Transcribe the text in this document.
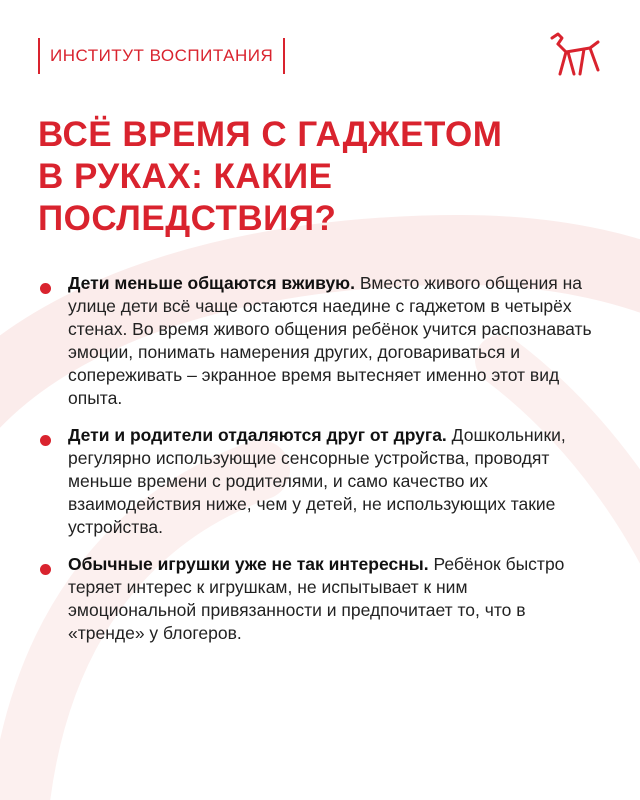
ИНСТИТУТ ВОСПИТАНИЯ
ВСЁ ВРЕМЯ С ГАДЖЕТОМ
В РУКАХ: КАКИЕ
ПОСЛЕДСТВИЯ?
Дети меньше общаются вживую. Вместо живого общения на улице дети всё чаще остаются наедине с гаджетом в четырёх стенах. Во время живого общения ребёнок учится распознавать эмоции, понимать намерения других, договариваться и сопереживать – экранное время вытесняет именно этот вид опыта.
Дети и родители отдаляются друг от друга. Дошкольники, регулярно использующие сенсорные устройства, проводят меньше времени с родителями, и само качество их взаимодействия ниже, чем у детей, не использующих такие устройства.
Обычные игрушки уже не так интересны. Ребёнок быстро теряет интерес к игрушкам, не испытывает к ним эмоциональной привязанности и предпочитает то, что в «тренде» у блогеров.
